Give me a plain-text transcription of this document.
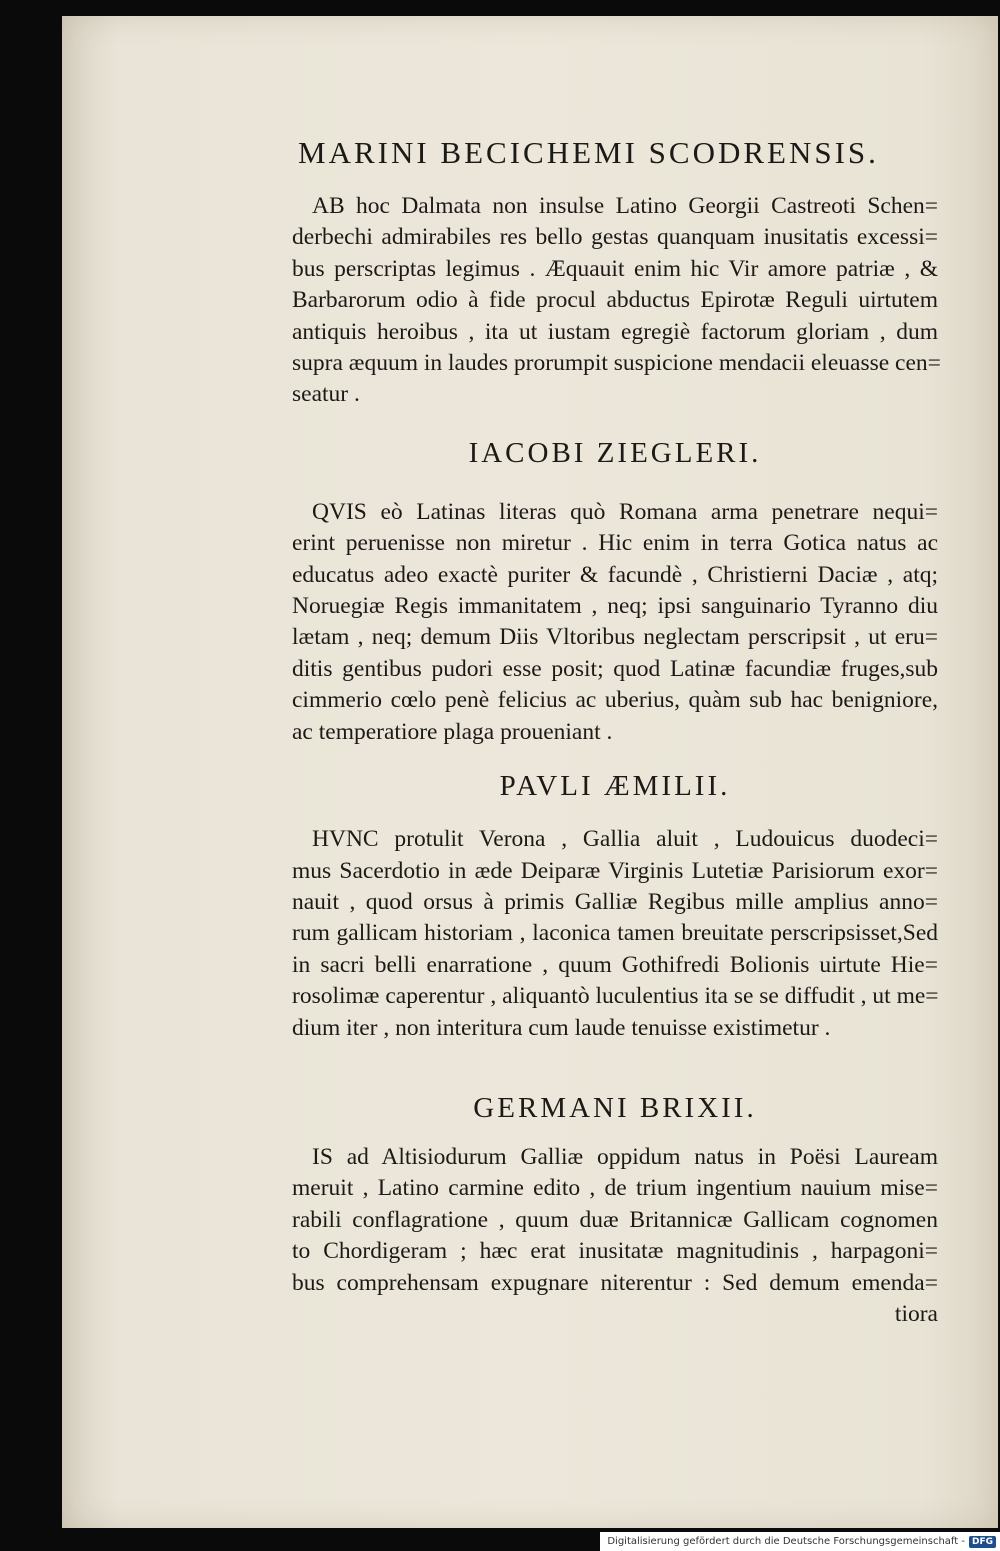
MARINI BECICHEMI SCODRENSIS.
AB hoc Dalmata non insulse Latino Georgii Castreoti Schen=
derbechi admirabiles res bello gestas quanquam inusitatis excessi=
bus perscriptas legimus . Æquauit enim hic Vir amore patriæ , &
Barbarorum odio à fide procul abductus Epirotæ Reguli uirtutem
antiquis heroibus , ita ut iustam egregiè factorum gloriam , dum
supra æquum in laudes prorumpit suspicione mendacii eleuasse cen=
seatur .
IACOBI ZIEGLERI.
QVIS eò Latinas literas quò Romana arma penetrare nequi=
erint peruenisse non miretur . Hic enim in terra Gotica natus ac
educatus adeo exactè puriter & facundè , Christierni Daciæ , atq;
Noruegiæ Regis immanitatem , neq; ipsi sanguinario Tyranno diu
lætam , neq; demum Diis Vltoribus neglectam perscripsit , ut eru=
ditis gentibus pudori esse posit; quod Latinæ facundiæ fruges,sub
cimmerio cœlo penè felicius ac uberius, quàm sub hac benigniore,
ac temperatiore plaga proueniant .
PAVLI ÆMILII.
HVNC protulit Verona , Gallia aluit , Ludouicus duodeci=
mus Sacerdotio in æde Deiparæ Virginis Lutetiæ Parisiorum exor=
nauit , quod orsus à primis Galliæ Regibus mille amplius anno=
rum gallicam historiam , laconica tamen breuitate perscripsisset,Sed
in sacri belli enarratione , quum Gothifredi Bolionis uirtute Hie=
rosolimæ caperentur , aliquantò luculentius ita se se diffudit , ut me=
dium iter , non interitura cum laude tenuisse existimetur .
GERMANI BRIXII.
IS ad Altisiodurum Galliæ oppidum natus in Poësi Lauream
meruit , Latino carmine edito , de trium ingentium nauium mise=
rabili conflagratione , quum duæ Britannicæ Gallicam cognomen
to Chordigeram ; hæc erat inusitatæ magnitudinis , harpagoni=
bus comprehensam expugnare niterentur : Sed demum emenda=
tiora
Digitalisierung gefördert durch die Deutsche Forschungsgemeinschaft - DFG
